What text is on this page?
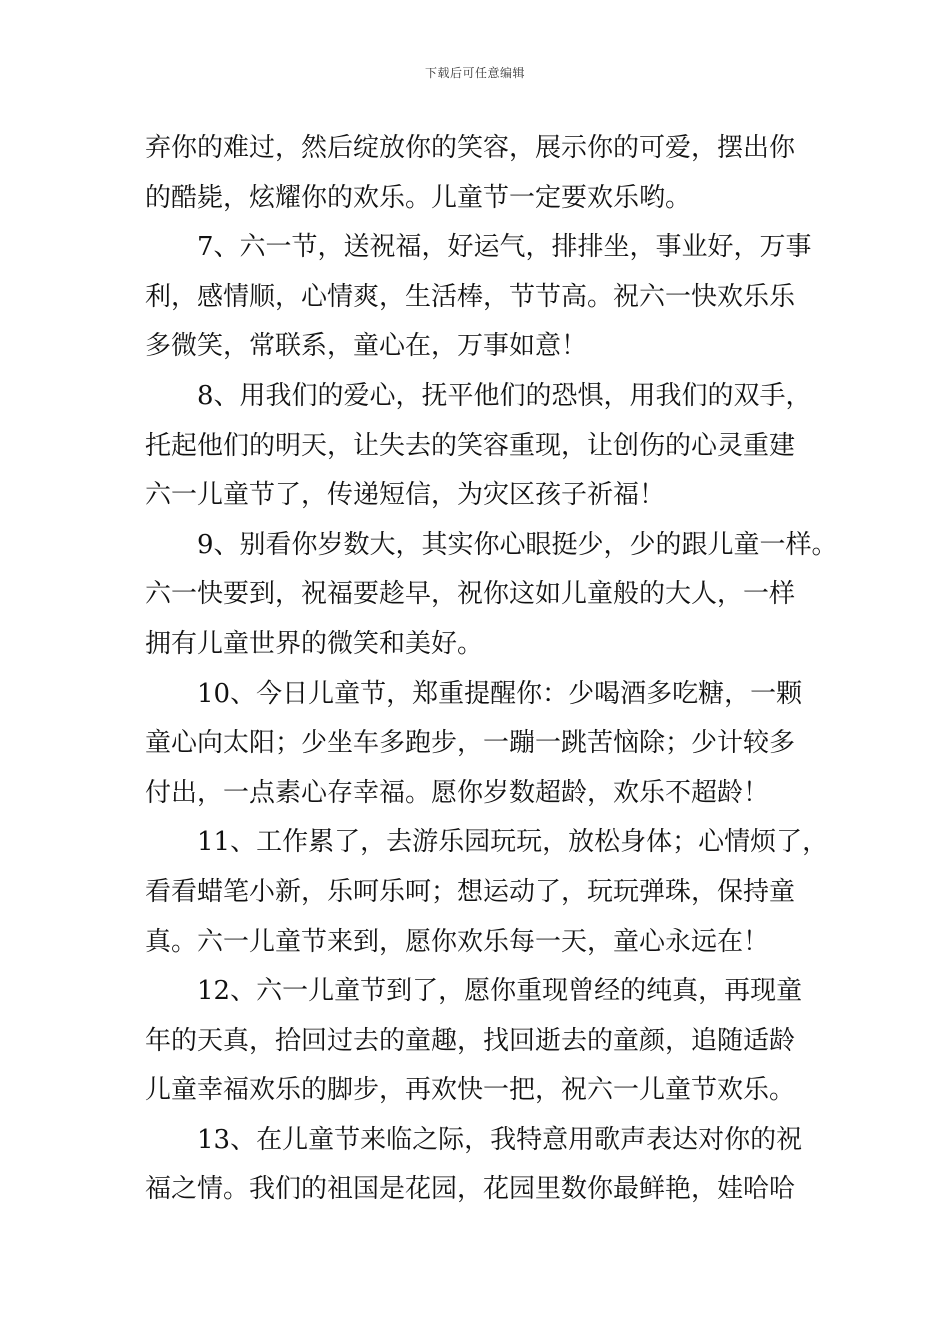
下载后可任意编辑
弃你的难过，然后绽放你的笑容，展示你的可爱，摆出你
的酷毙，炫耀你的欢乐。儿童节一定要欢乐哟。
7、六一节，送祝福，好运气，排排坐，事业好，万事
利，感情顺，心情爽，生活棒，节节高。祝六一快欢乐乐
多微笑，常联系，童心在，万事如意！
8、用我们的爱心，抚平他们的恐惧，用我们的双手，
托起他们的明天，让失去的笑容重现，让创伤的心灵重建
六一儿童节了，传递短信，为灾区孩子祈福！
9、别看你岁数大，其实你心眼挺少，少的跟儿童一样。
六一快要到，祝福要趁早，祝你这如儿童般的大人，一样
拥有儿童世界的微笑和美好。
10、今日儿童节，郑重提醒你：少喝酒多吃糖，一颗
童心向太阳；少坐车多跑步，一蹦一跳苦恼除；少计较多
付出，一点素心存幸福。愿你岁数超龄，欢乐不超龄！
11、工作累了，去游乐园玩玩，放松身体；心情烦了，
看看蜡笔小新，乐呵乐呵；想运动了，玩玩弹珠，保持童
真。六一儿童节来到，愿你欢乐每一天，童心永远在！
12、六一儿童节到了，愿你重现曾经的纯真，再现童
年的天真，拾回过去的童趣，找回逝去的童颜，追随适龄
儿童幸福欢乐的脚步，再欢快一把，祝六一儿童节欢乐。
13、在儿童节来临之际，我特意用歌声表达对你的祝
福之情。我们的祖国是花园，花园里数你最鲜艳，娃哈哈
